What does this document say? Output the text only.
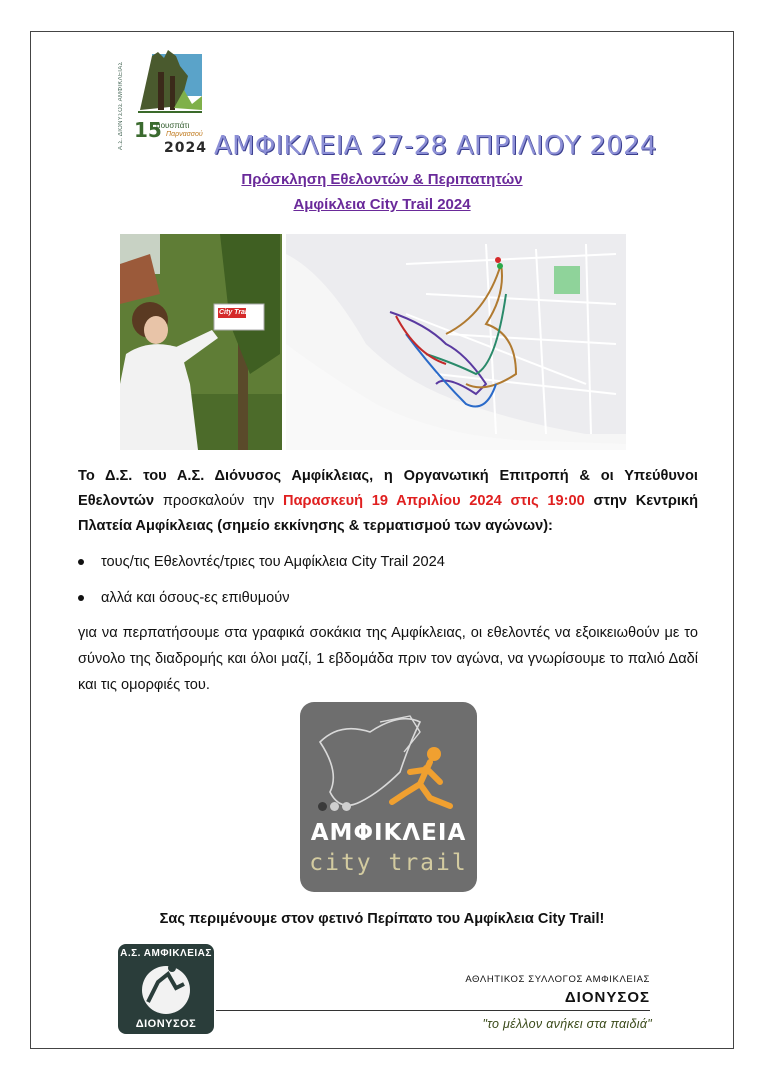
Α.Σ. ΔΙΟΝΥΣΟΣ ΑΜΦΙΚΛΕΙΑΣ 15
μουσπάτι
Παρνασσού
2024 ΑΜΦΙΚΛΕΙΑ 27-28 ΑΠΡΙΛΙΟΥ 2024
Πρόσκληση Εθελοντών & Περιπατητών
Αμφίκλεια City Trail 2024
City Trail
Το Δ.Σ. του Α.Σ. Διόνυσος Αμφίκλειας, η Οργανωτική Επιτροπή & οι Υπεύθυνοι Εθελοντών προσκαλούν την Παρασκευή 19 Απριλίου 2024 στις 19:00 στην Κεντρική Πλατεία Αμφίκλειας (σημείο εκκίνησης & τερματισμού των αγώνων):
τους/τις Εθελοντές/τριες του Αμφίκλεια City Trail 2024
αλλά και όσους-ες επιθυμούν
για να περπατήσουμε στα γραφικά σοκάκια της Αμφίκλειας, οι εθελοντές να εξοικειωθούν με το σύνολο της διαδρομής και όλοι μαζί, 1 εβδομάδα πριν τον αγώνα, να γνωρίσουμε το παλιό Δαδί και τις ομορφιές του.
ΑΜΦΙΚΛΕΙΑ
city trail
Σας περιμένουμε στον φετινό Περίπατο του Αμφίκλεια City Trail!
Α.Σ. ΑΜΦΙΚΛΕΙΑΣ
ΔΙΟΝΥΣΟΣ
ΑΘΛΗΤΙΚΟΣ ΣΥΛΛΟΓΟΣ ΑΜΦΙΚΛΕΙΑΣ
ΔΙΟΝΥΣΟΣ
"το μέλλον ανήκει στα παιδιά"
